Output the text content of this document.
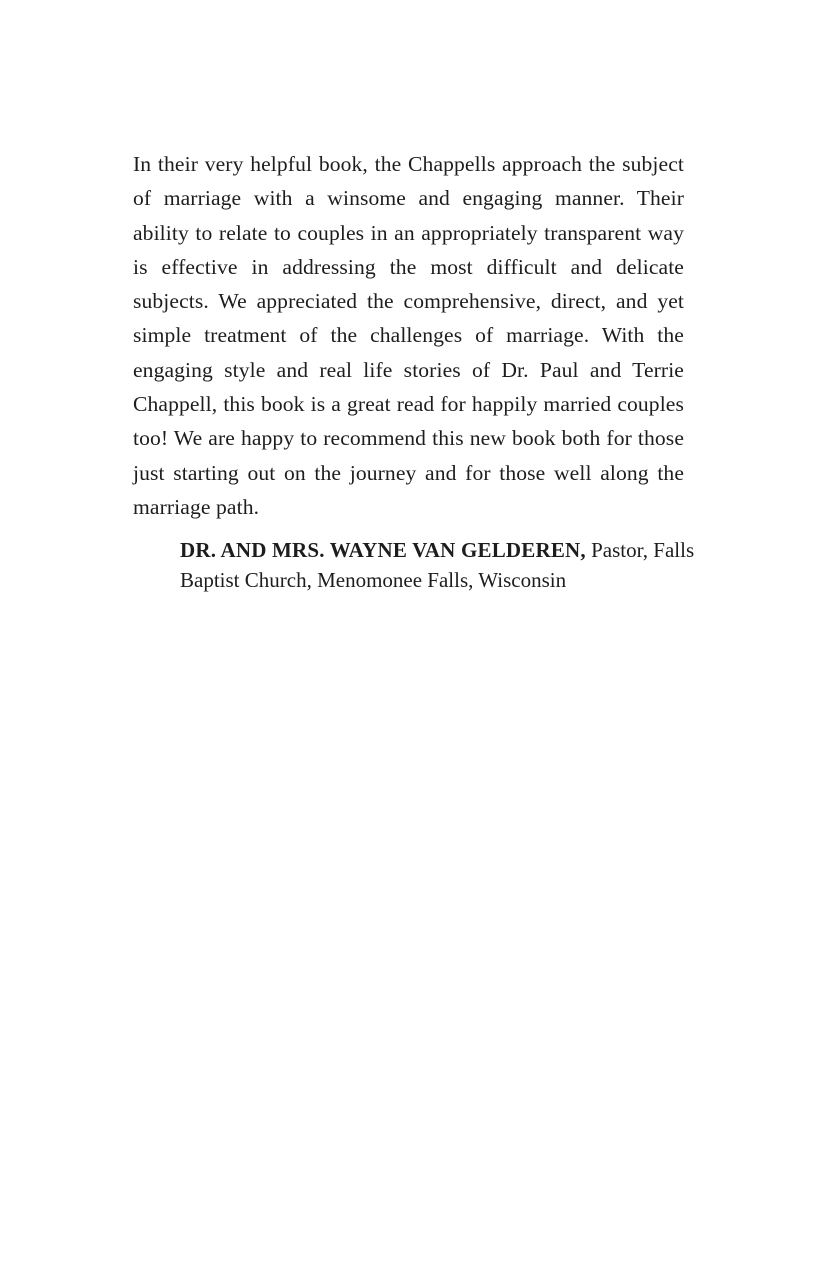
In their very helpful book, the Chappells approach the subject of marriage with a winsome and engaging manner. Their ability to relate to couples in an appropriately transparent way is effective in addressing the most difficult and delicate subjects. We appreciated the comprehensive, direct, and yet simple treatment of the challenges of marriage. With the engaging style and real life stories of Dr. Paul and Terrie Chappell, this book is a great read for happily married couples too! We are happy to recommend this new book both for those just starting out on the journey and for those well along the marriage path.

DR. AND MRS. WAYNE VAN GELDEREN, Pastor, Falls Baptist Church, Menomonee Falls, Wisconsin
